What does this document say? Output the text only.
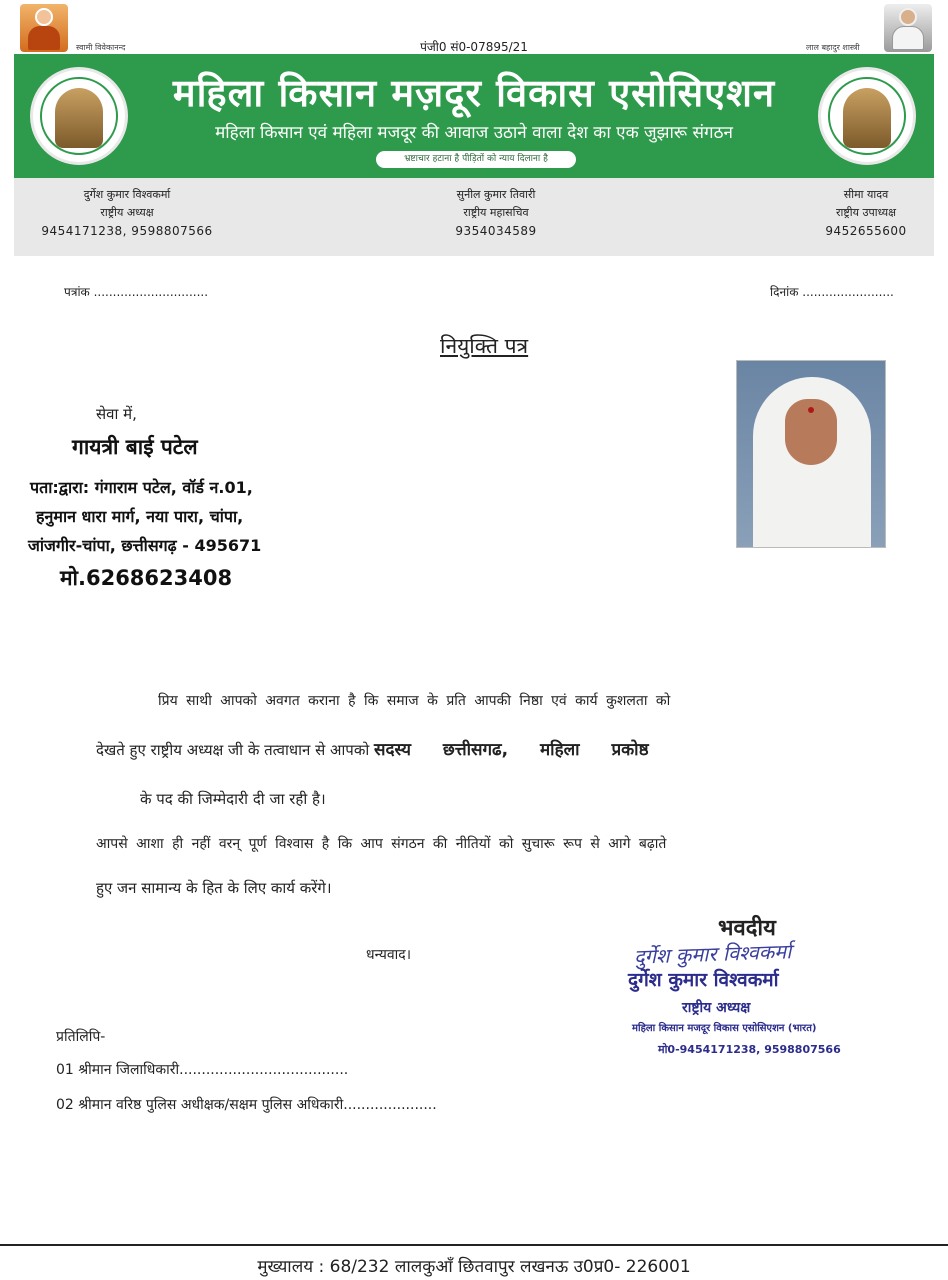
स्वामी विवेकानन्द	पंजी0 सं0-07895/21	लाल बहादुर शास्त्री
महिला किसान मज़दूर विकास एसोसिएशन
महिला किसान एवं महिला मजदूर की आवाज उठाने वाला देश का एक जुझारू संगठन
भ्रष्टाचार हटाना है पीड़ितों को न्याय दिलाना है
दुर्गेश कुमार विश्वकर्मा
राष्ट्रीय अध्यक्ष
9454171238, 9598807566
सुनील कुमार तिवारी
राष्ट्रीय महासचिव
9354034589
सीमा यादव
राष्ट्रीय उपाध्यक्ष
9452655600
पत्रांक ..............................	दिनांक ........................
नियुक्ति पत्र
सेवा में,
गायत्री बाई पटेल
पता:द्वारा: गंगाराम पटेल, वॉर्ड न.01,
हनुमान धारा मार्ग, नया पारा, चांपा,
जांजगीर-चांपा, छत्तीसगढ़ - 495671
मो.6268623408
प्रिय साथी आपको अवगत कराना है कि समाज के प्रति आपकी निष्ठा एवं कार्य कुशलता को
देखते हुए राष्ट्रीय अध्यक्ष जी के तत्वाधान से आपको सदस्य छत्तीसगढ, महिला प्रकोष्ठ
के पद की जिम्मेदारी दी जा रही है।
आपसे आशा ही नहीं वरन् पूर्ण विश्वास है कि आप संगठन की नीतियों को सुचारू रूप से आगे बढ़ाते
हुए जन सामान्य के हित के लिए कार्य करेंगे।
भवदीय
दुर्गेश कुमार विश्वकर्मा
धन्यवाद।
दुर्गेश कुमार विश्वकर्मा
राष्ट्रीय अध्यक्ष
महिला किसान मजदूर विकास एसोसिएशन (भारत)
मो0-9454171238, 9598807566
प्रतिलिपि-
01 श्रीमान जिलाधिकारी......................................
02 श्रीमान वरिष्ठ पुलिस अधीक्षक/सक्षम पुलिस अधिकारी.....................
मुख्यालय : 68/232 लालकुआँ छितवापुर लखनऊ उ0प्र0- 226001
